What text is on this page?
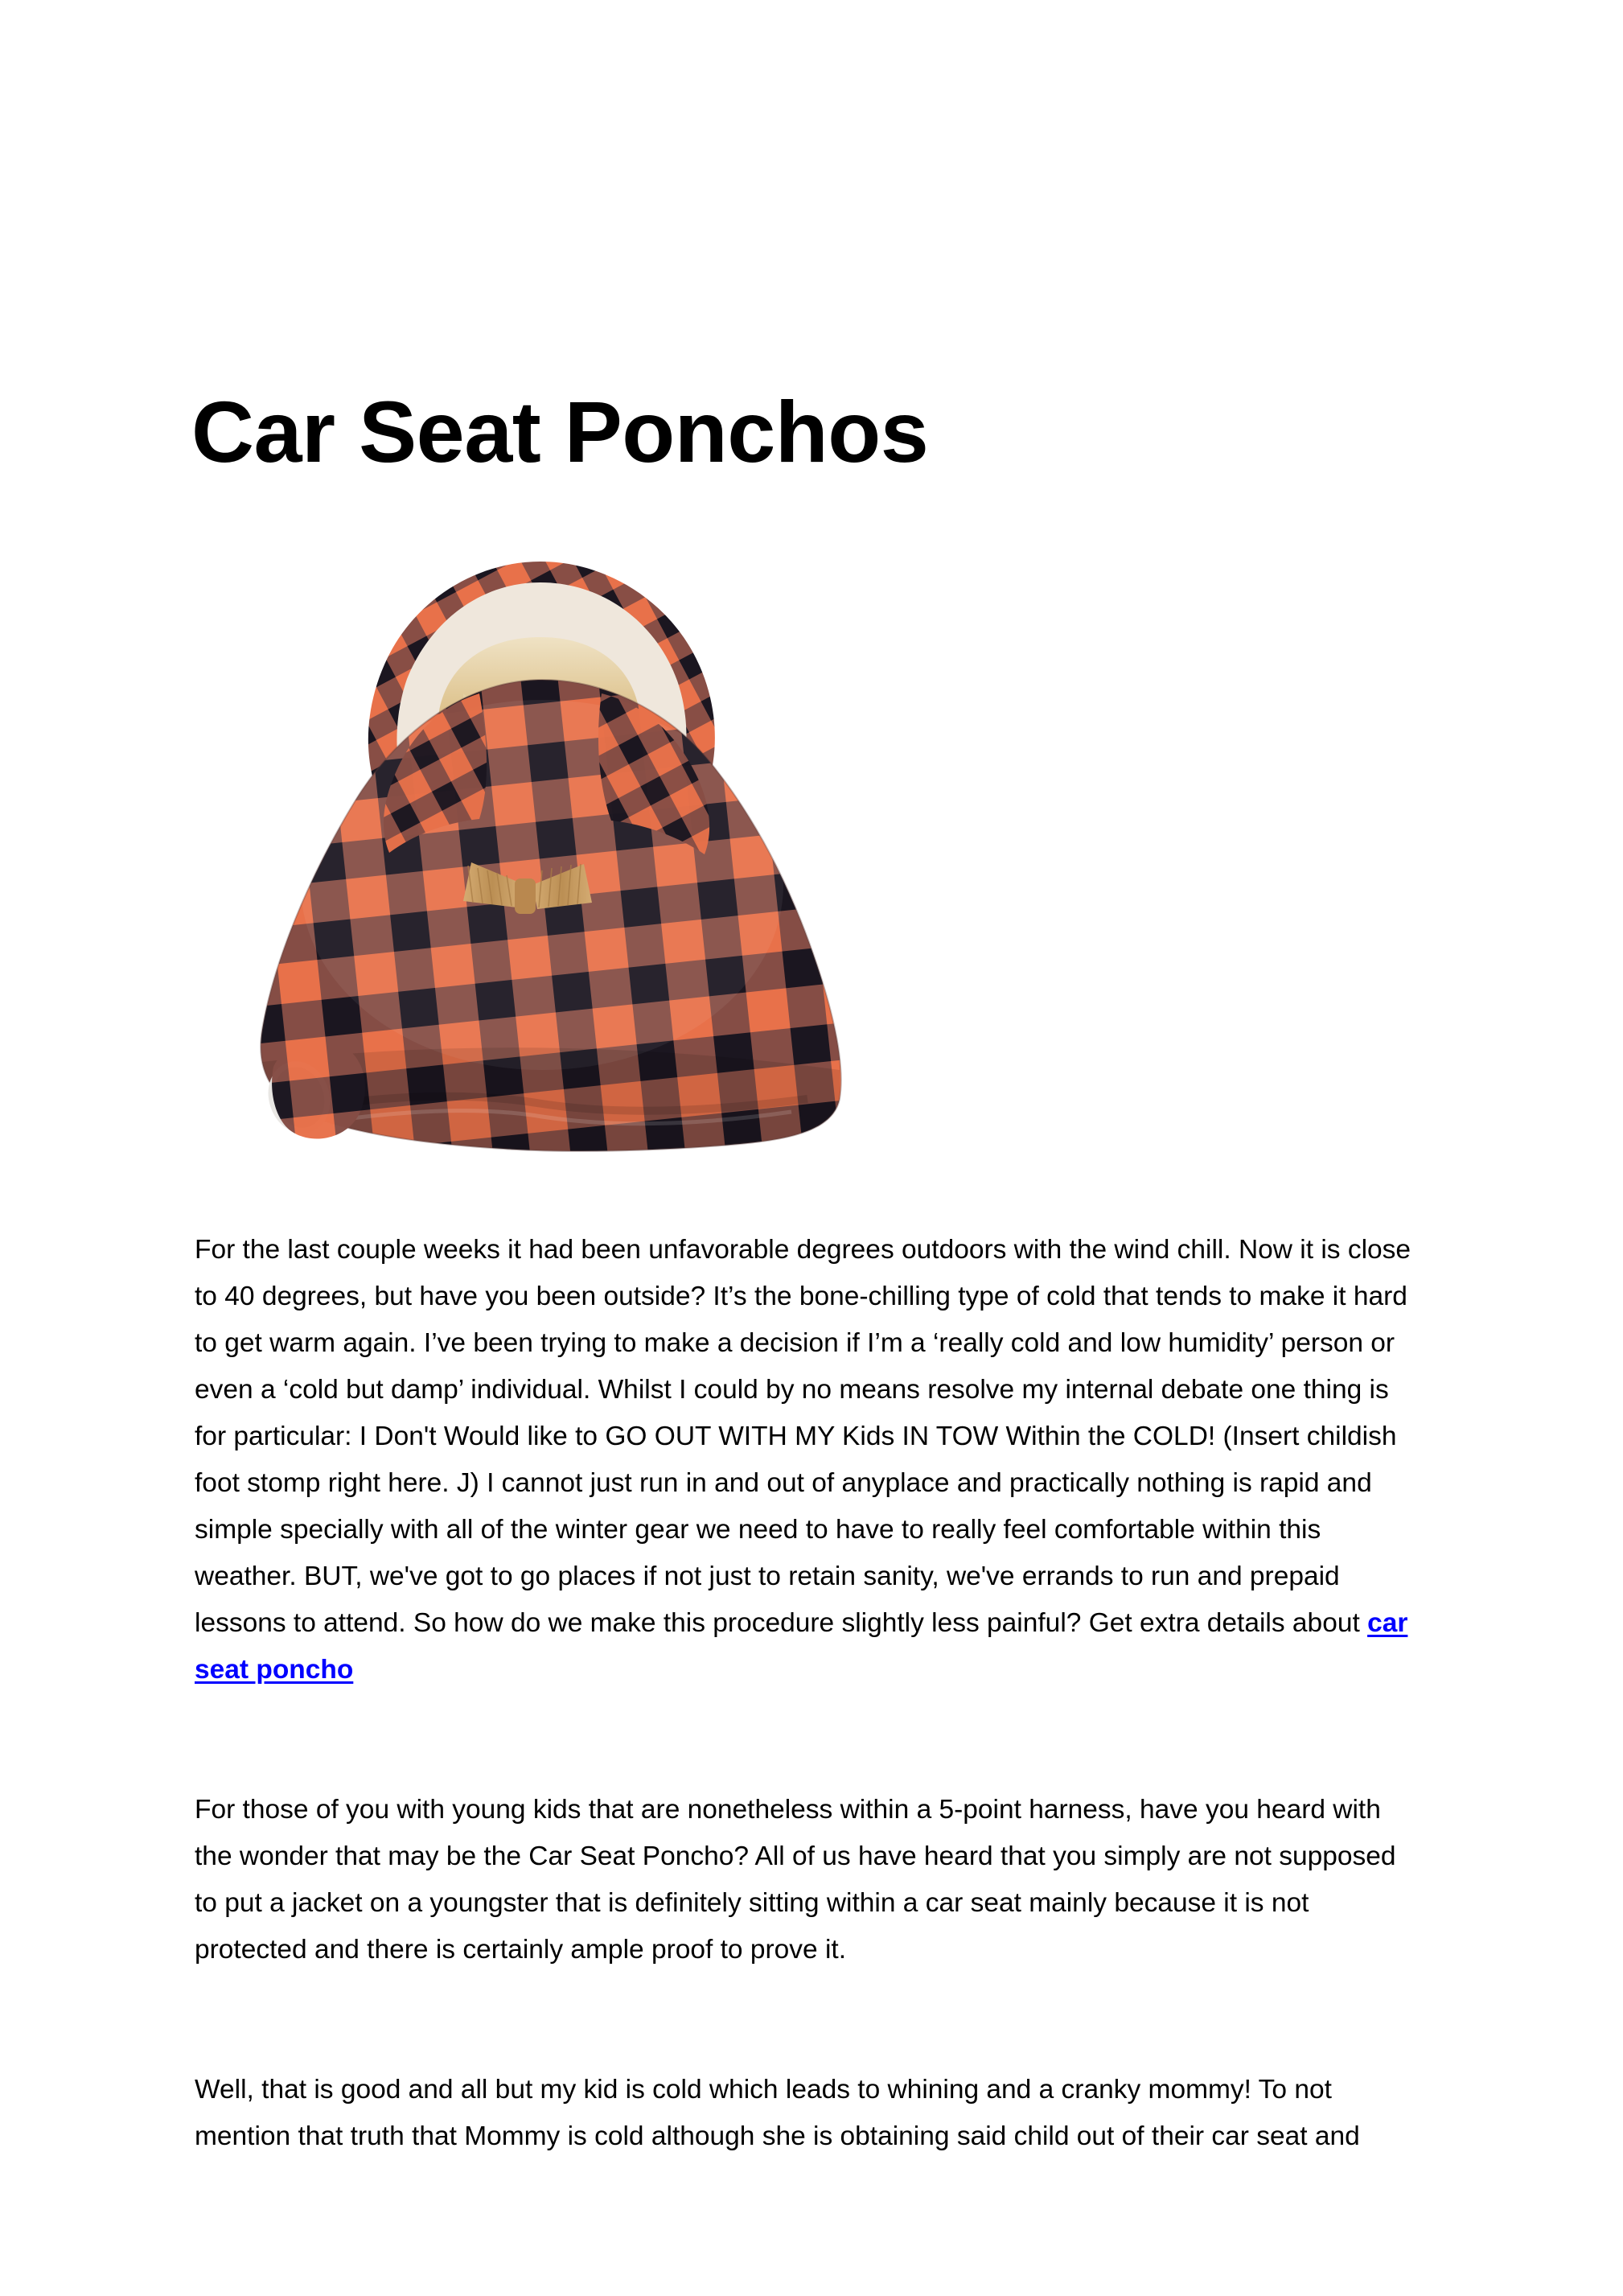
Car Seat Ponchos

For the last couple weeks it had been unfavorable degrees outdoors with the wind chill. Now it is close to 40 degrees, but have you been outside? It’s the bone-chilling type of cold that tends to make it hard to get warm again. I’ve been trying to make a decision if I’m a ‘really cold and low humidity’ person or even a ‘cold but damp’ individual. Whilst I could by no means resolve my internal debate one thing is for particular: I Don't Would like to GO OUT WITH MY Kids IN TOW Within the COLD! (Insert childish foot stomp right here. J) I cannot just run in and out of anyplace and practically nothing is rapid and simple specially with all of the winter gear we need to have to really feel comfortable within this weather. BUT, we've got to go places if not just to retain sanity, we've errands to run and prepaid lessons to attend. So how do we make this procedure slightly less painful? Get extra details about car seat poncho

For those of you with young kids that are nonetheless within a 5-point harness, have you heard with the wonder that may be the Car Seat Poncho? All of us have heard that you simply are not supposed to put a jacket on a youngster that is definitely sitting within a car seat mainly because it is not protected and there is certainly ample proof to prove it.

Well, that is good and all but my kid is cold which leads to whining and a cranky mommy! To not mention that truth that Mommy is cold although she is obtaining said child out of their car seat and
